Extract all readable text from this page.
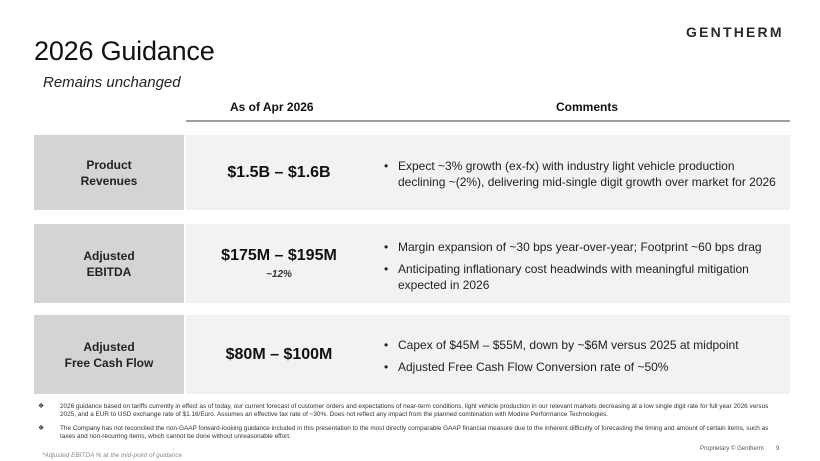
2026 Guidance
Remains unchanged
GENTHERM
As of Apr 2026	Comments
Product
Revenues	$1.5B – $1.6B
•	Expect ~3% growth (ex-fx) with industry light vehicle production declining ~(2%), delivering mid-single digit growth over market for 2026
Adjusted
EBITDA
$175M – $195M
~12%
• Margin expansion of ~30 bps year-over-year; Footprint ~60 bps drag
• Anticipating inflationary cost headwinds with meaningful mitigation expected in 2026
Adjusted
Free Cash Flow	$80M – $100M
• Capex of $45M – $55M, down by ~$6M versus 2025 at midpoint
• Adjusted Free Cash Flow Conversion rate of ~50%
❖ 2026 guidance based on tariffs currently in effect as of today, our current forecast of customer orders and expectations of near-term conditions, light vehicle production in our relevant markets decreasing at a low single digit rate for full year 2026 versus 2025, and a EUR to USD exchange rate of $1.16/Euro. Assumes an effective tax rate of ~30%. Does not reflect any impact from the planned combination with Modine Performance Technologies.
❖ The Company has not reconciled the non-GAAP forward-looking guidance included in this presentation to the most directly comparable GAAP financial measure due to the inherent difficulty of forecasting the timing and amount of certain items, such as taxes and non-recurring items, which cannot be done without unreasonable effort.
*Adjusted EBITDA % at the mid-point of guidance
Proprietary © Gentherm 9
